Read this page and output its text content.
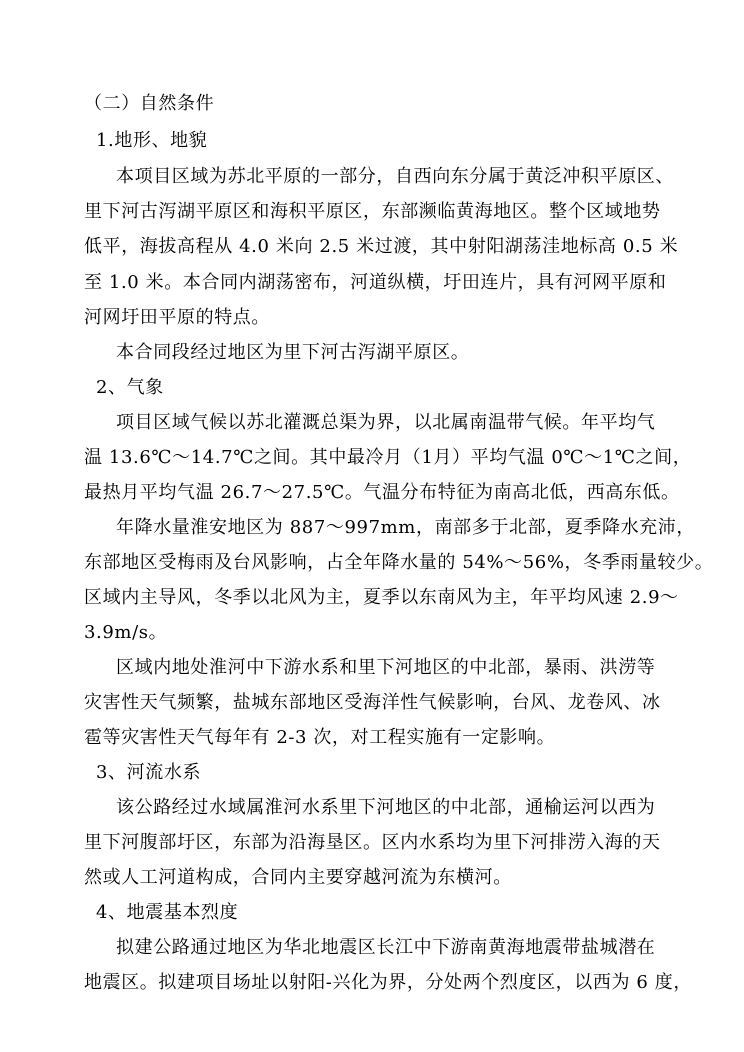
（二）自然条件
1.地形、地貌
本项目区域为苏北平原的一部分，自西向东分属于黄泛冲积平原区、
里下河古泻湖平原区和海积平原区，东部濒临黄海地区。整个区域地势
低平，海拔高程从 4.0 米向 2.5 米过渡，其中射阳湖荡洼地标高 0.5 米
至 1.0 米。本合同内湖荡密布，河道纵横，圩田连片，具有河网平原和
河网圩田平原的特点。
本合同段经过地区为里下河古泻湖平原区。
2、气象
项目区域气候以苏北灌溉总渠为界，以北属南温带气候。年平均气
温 13.6℃～14.7℃之间。其中最冷月（1月）平均气温 0℃～1℃之间，
最热月平均气温 26.7～27.5℃。气温分布特征为南高北低，西高东低。
年降水量淮安地区为 887～997mm，南部多于北部，夏季降水充沛，
东部地区受梅雨及台风影响，占全年降水量的 54%～56%，冬季雨量较少。
区域内主导风，冬季以北风为主，夏季以东南风为主，年平均风速 2.9～
3.9m/s。
区域内地处淮河中下游水系和里下河地区的中北部，暴雨、洪涝等
灾害性天气频繁，盐城东部地区受海洋性气候影响，台风、龙卷风、冰
雹等灾害性天气每年有 2-3 次，对工程实施有一定影响。
3、河流水系
该公路经过水域属淮河水系里下河地区的中北部，通榆运河以西为
里下河腹部圩区，东部为沿海垦区。区内水系均为里下河排涝入海的天
然或人工河道构成，合同内主要穿越河流为东横河。
4、地震基本烈度
拟建公路通过地区为华北地震区长江中下游南黄海地震带盐城潜在
地震区。拟建项目场址以射阳-兴化为界，分处两个烈度区，以西为 6 度，
